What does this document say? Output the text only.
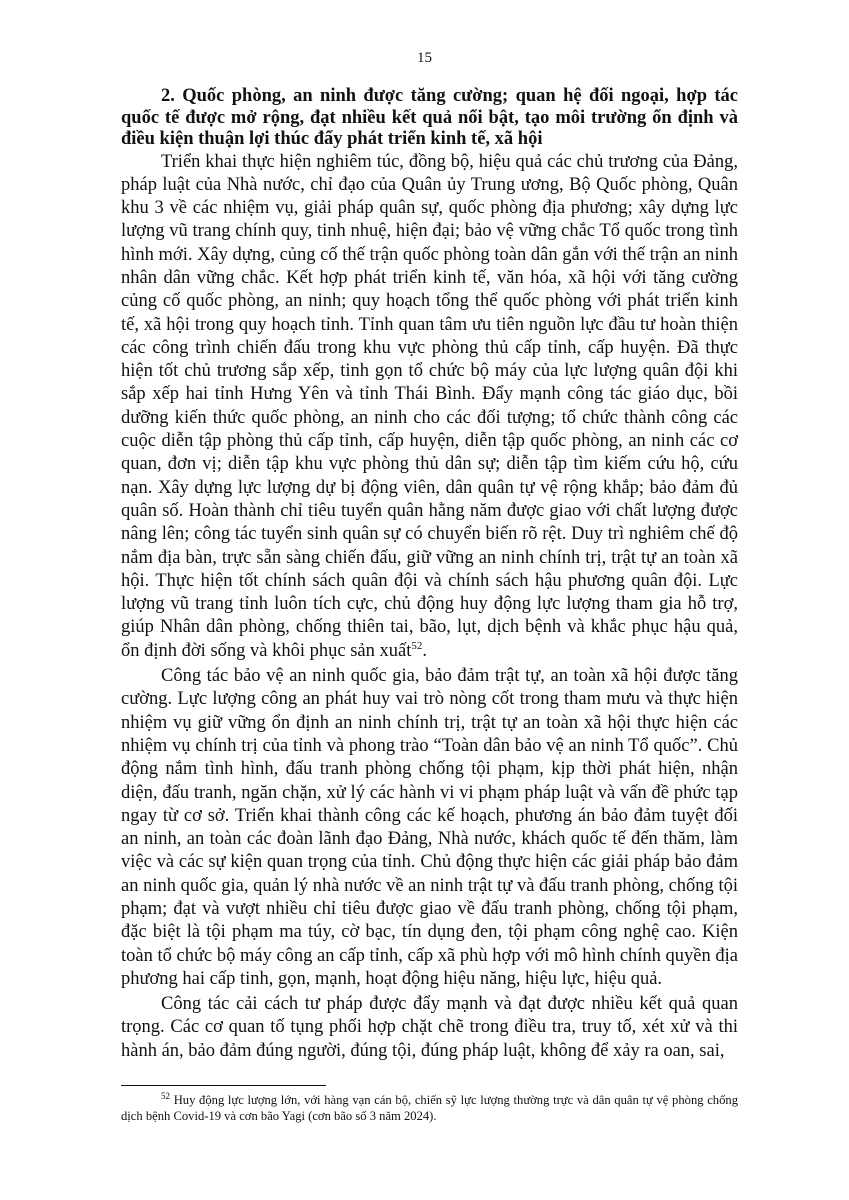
15

2. Quốc phòng, an ninh được tăng cường; quan hệ đối ngoại, hợp tác quốc tế được mở rộng, đạt nhiều kết quả nổi bật, tạo môi trường ổn định và điều kiện thuận lợi thúc đẩy phát triển kinh tế, xã hội

Triển khai thực hiện nghiêm túc, đồng bộ, hiệu quả các chủ trương của Đảng, pháp luật của Nhà nước, chỉ đạo của Quân ủy Trung ương, Bộ Quốc phòng, Quân khu 3 về các nhiệm vụ, giải pháp quân sự, quốc phòng địa phương; xây dựng lực lượng vũ trang chính quy, tinh nhuệ, hiện đại; bảo vệ vững chắc Tổ quốc trong tình hình mới. Xây dựng, củng cố thế trận quốc phòng toàn dân gắn với thế trận an ninh nhân dân vững chắc. Kết hợp phát triển kinh tế, văn hóa, xã hội với tăng cường củng cố quốc phòng, an ninh; quy hoạch tổng thể quốc phòng với phát triển kinh tế, xã hội trong quy hoạch tỉnh. Tỉnh quan tâm ưu tiên nguồn lực đầu tư hoàn thiện các công trình chiến đấu trong khu vực phòng thủ cấp tỉnh, cấp huyện. Đã thực hiện tốt chủ trương sắp xếp, tinh gọn tổ chức bộ máy của lực lượng quân đội khi sắp xếp hai tỉnh Hưng Yên và tỉnh Thái Bình. Đẩy mạnh công tác giáo dục, bồi dưỡng kiến thức quốc phòng, an ninh cho các đối tượng; tổ chức thành công các cuộc diễn tập phòng thủ cấp tỉnh, cấp huyện, diễn tập quốc phòng, an ninh các cơ quan, đơn vị; diễn tập khu vực phòng thủ dân sự; diễn tập tìm kiếm cứu hộ, cứu nạn. Xây dựng lực lượng dự bị động viên, dân quân tự vệ rộng khắp; bảo đảm đủ quân số. Hoàn thành chỉ tiêu tuyển quân hằng năm được giao với chất lượng được nâng lên; công tác tuyển sinh quân sự có chuyển biến rõ rệt. Duy trì nghiêm chế độ nắm địa bàn, trực sẵn sàng chiến đấu, giữ vững an ninh chính trị, trật tự an toàn xã hội. Thực hiện tốt chính sách quân đội và chính sách hậu phương quân đội. Lực lượng vũ trang tỉnh luôn tích cực, chủ động huy động lực lượng tham gia hỗ trợ, giúp Nhân dân phòng, chống thiên tai, bão, lụt, dịch bệnh và khắc phục hậu quả, ổn định đời sống và khôi phục sản xuất$^{52}$.

Công tác bảo vệ an ninh quốc gia, bảo đảm trật tự, an toàn xã hội được tăng cường. Lực lượng công an phát huy vai trò nòng cốt trong tham mưu và thực hiện nhiệm vụ giữ vững ổn định an ninh chính trị, trật tự an toàn xã hội thực hiện các nhiệm vụ chính trị của tỉnh và phong trào “Toàn dân bảo vệ an ninh Tổ quốc”. Chủ động nắm tình hình, đấu tranh phòng chống tội phạm, kịp thời phát hiện, nhận diện, đấu tranh, ngăn chặn, xử lý các hành vi vi phạm pháp luật và vấn đề phức tạp ngay từ cơ sở. Triển khai thành công các kế hoạch, phương án bảo đảm tuyệt đối an ninh, an toàn các đoàn lãnh đạo Đảng, Nhà nước, khách quốc tế đến thăm, làm việc và các sự kiện quan trọng của tỉnh. Chủ động thực hiện các giải pháp bảo đảm an ninh quốc gia, quản lý nhà nước về an ninh trật tự và đấu tranh phòng, chống tội phạm; đạt và vượt nhiều chỉ tiêu được giao về đấu tranh phòng, chống tội phạm, đặc biệt là tội phạm ma túy, cờ bạc, tín dụng đen, tội phạm công nghệ cao. Kiện toàn tổ chức bộ máy công an cấp tỉnh, cấp xã phù hợp với mô hình chính quyền địa phương hai cấp tinh, gọn, mạnh, hoạt động hiệu năng, hiệu lực, hiệu quả.

Công tác cải cách tư pháp được đẩy mạnh và đạt được nhiều kết quả quan trọng. Các cơ quan tố tụng phối hợp chặt chẽ trong điều tra, truy tố, xét xử và thi hành án, bảo đảm đúng người, đúng tội, đúng pháp luật, không để xảy ra oan, sai,

$^{52}$ Huy động lực lượng lớn, với hàng vạn cán bộ, chiến sỹ lực lượng thường trực và dân quân tự vệ phòng chống dịch bệnh Covid-19 và cơn bão Yagi (cơn bão số 3 năm 2024).
